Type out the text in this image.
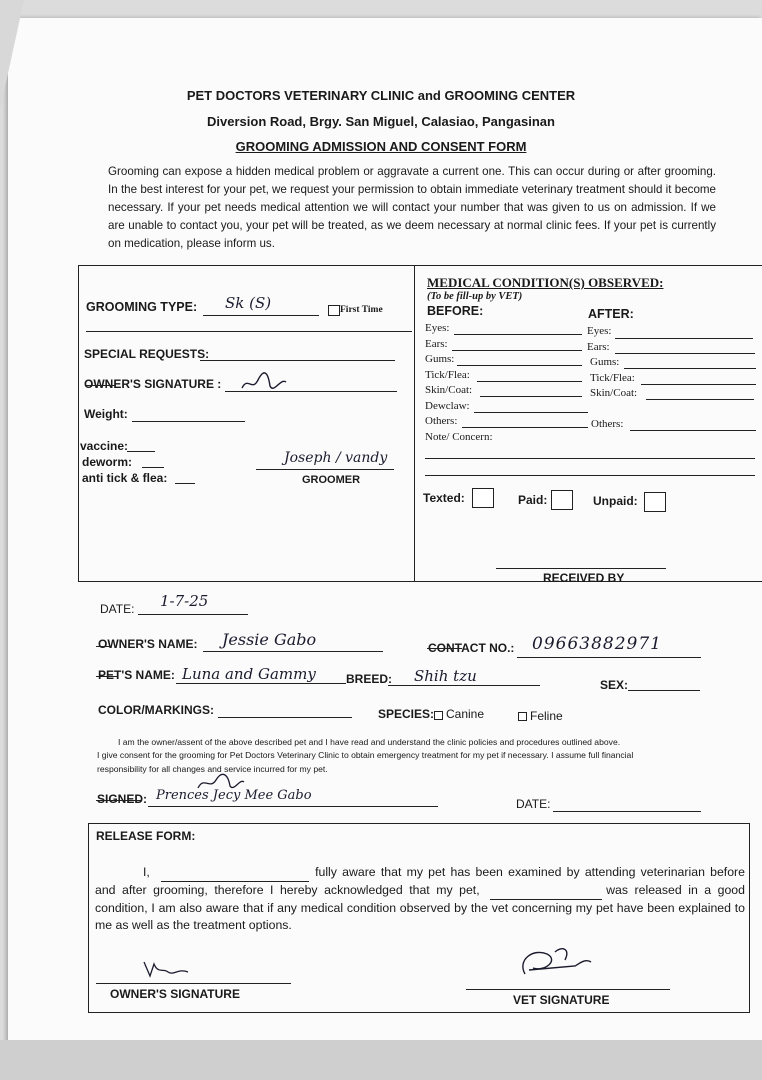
PET DOCTORS VETERINARY CLINIC and GROOMING CENTER
Diversion Road, Brgy. San Miguel, Calasiao, Pangasinan
GROOMING ADMISSION AND CONSENT FORM
Grooming can expose a hidden medical problem or aggravate a current one. This can occur during or after grooming. In the best interest for your pet, we request your permission to obtain immediate veterinary treatment should it become necessary. If your pet needs medical attention we will contact your number that was given to us on admission. If we are unable to contact you, your pet will be treated, as we deem necessary at normal clinic fees. If your pet is currently on medication, please inform us.
GROOMING TYPE: Sk (S)	First Time
SPECIAL REQUESTS:
OWNER'S SIGNATURE :
Weight:
vaccine:
deworm:
anti tick & flea:
Joseph / vandy
GROOMER
MEDICAL CONDITION(S) OBSERVED:
(To be fill-up by VET)
BEFORE:	AFTER:
Eyes:
Ears:
Gums:
Tick/Flea:
Skin/Coat:
Dewclaw:
Others:
Note/ Concern:
Eyes:
Ears:
Gums:
Tick/Flea:
Skin/Coat:
Others:
Texted:	Paid:	Unpaid:
RECEIVED BY
DATE: 1-7-25
OWNER'S NAME: Jessie Gabo	CONTACT NO.: 09663882971
PET'S NAME: Luna and Gammy	BREED: Shih tzu	SEX:
COLOR/MARKINGS:	SPECIES: Canine	Feline
I am the owner/assent of the above described pet and I have read and understand the clinic policies and procedures outlined above.
I give consent for the grooming for Pet Doctors Veterinary Clinic to obtain emergency treatment for my pet if necessary. I assume full financial
responsibility for all changes and service incurred for my pet.
SIGNED: Prences Jecy Mee Gabo
DATE:
RELEASE FORM:
I,	fully aware that my pet has been examined by attending veterinarian before and after grooming, therefore I hereby acknowledged that my pet,	was released in a good condition, I am also aware that if any medical condition observed by the vet concerning my pet have been explained to me as well as the treatment options.
OWNER'S SIGNATURE	VET SIGNATURE
